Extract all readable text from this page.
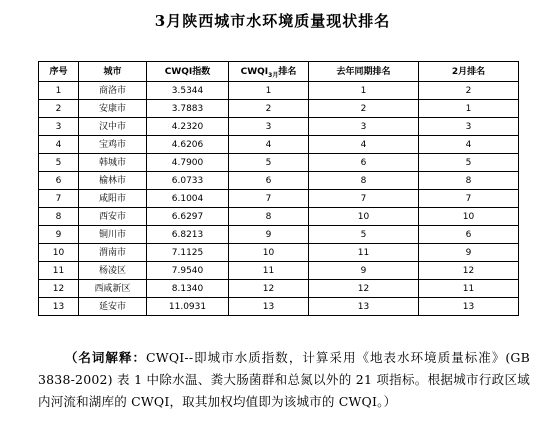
3月陕西城市水环境质量现状排名
序号	城市	CWQI指数	$CWQI_{3月}$排名	去年同期排名	2月排名
1	商洛市	3.5344	1	1	2
2	安康市	3.7883	2	2	1
3	汉中市	4.2320	3	3	3
4	宝鸡市	4.6206	4	4	4
5	韩城市	4.7900	5	6	5
6	榆林市	6.0733	6	8	8
7	咸阳市	6.1004	7	7	7
8	西安市	6.6297	8	10	10
9	铜川市	6.8213	9	5	6
10	渭南市	7.1125	10	11	9
11	杨凌区	7.9540	11	9	12
12	西咸新区	8.1340	12	12	11
13	延安市	11.0931	13	13	13
（名词解释：CWQI--即城市水质指数，计算采用《地表水环境质量标准》(GB 3838-2002) 表 1 中除水温、粪大肠菌群和总氮以外的 21 项指标。根据城市行政区域内河流和湖库的 CWQI，取其加权均值即为该城市的 CWQI。）
